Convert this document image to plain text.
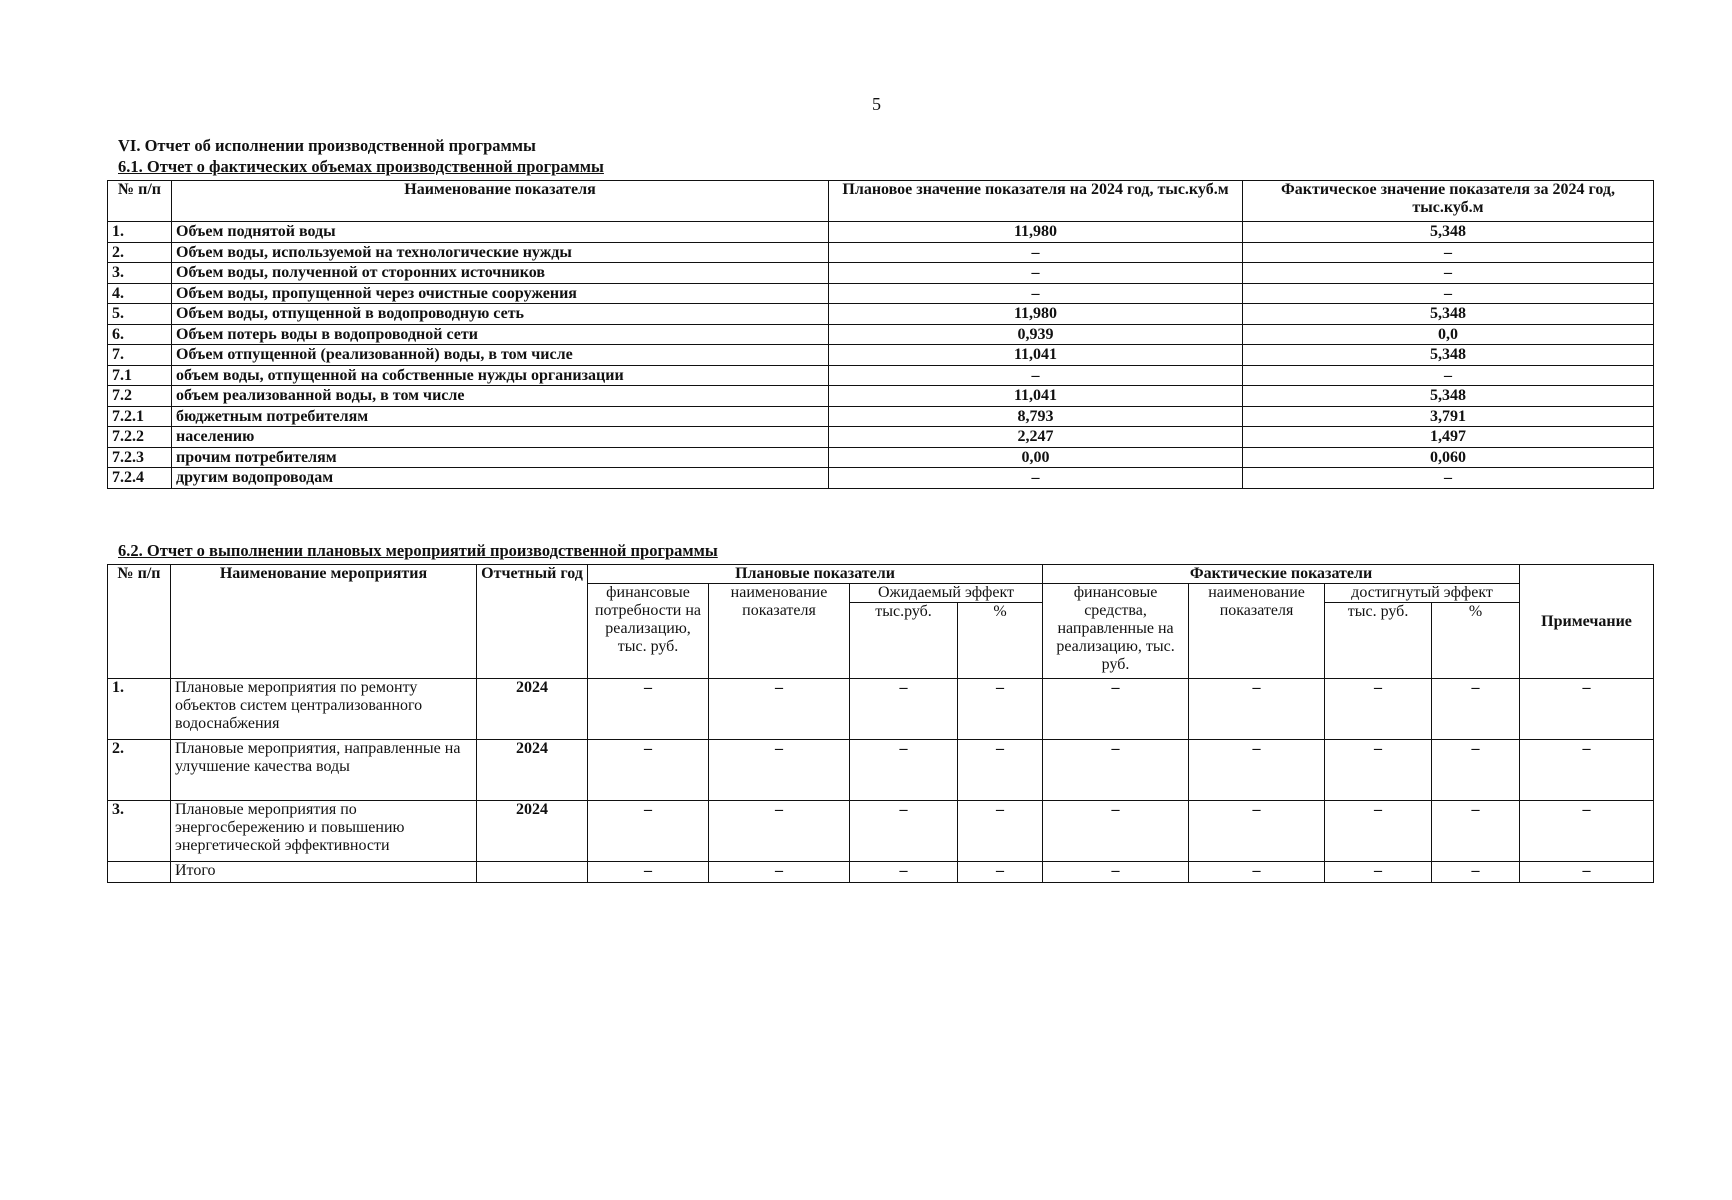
5
VI. Отчет об исполнении производственной программы
6.1. Отчет о фактических объемах производственной программы
№ п/п	Наименование показателя	Плановое значение показателя на 2024 год, тыс.куб.м	Фактическое значение показателя за 2024 год, тыс.куб.м
1.	Объем поднятой воды	11,980	5,348
2.	Объем воды, используемой на технологические нужды	–	–
3.	Объем воды, полученной от сторонних источников	–	–
4.	Объем воды, пропущенной через очистные сооружения	–	–
5.	Объем воды, отпущенной в водопроводную сеть	11,980	5,348
6.	Объем потерь воды в водопроводной сети	0,939	0,0
7.	Объем отпущенной (реализованной) воды, в том числе	11,041	5,348
7.1	объем воды, отпущенной на собственные нужды организации	–	–
7.2	объем реализованной воды, в том числе	11,041	5,348
7.2.1	бюджетным потребителям	8,793	3,791
7.2.2	населению	2,247	1,497
7.2.3	прочим потребителям	0,00	0,060
7.2.4	другим водопроводам	–	–
6.2. Отчет о выполнении плановых мероприятий производственной программы
№ п/п	Наименование мероприятия	Отчетный год	Плановые показатели				Фактические показатели				Примечание
			финансовые потребности на реализацию, тыс. руб.	наименование показателя	Ожидаемый эффект		финансовые средства, направленные на реализацию, тыс. руб.	наименование показателя	достигнутый эффект		
					тыс.руб.	%			тыс. руб.	%	
1.	Плановые мероприятия по ремонту объектов систем централизованного водоснабжения	2024	–	–	–	–	–	–	–	–	–
2.	Плановые мероприятия, направленные на улучшение качества воды	2024	–	–	–	–	–	–	–	–	–
3.	Плановые мероприятия по энергосбережению и повышению энергетической эффективности	2024	–	–	–	–	–	–	–	–	–
	Итого		–	–	–	–	–	–	–	–	–
